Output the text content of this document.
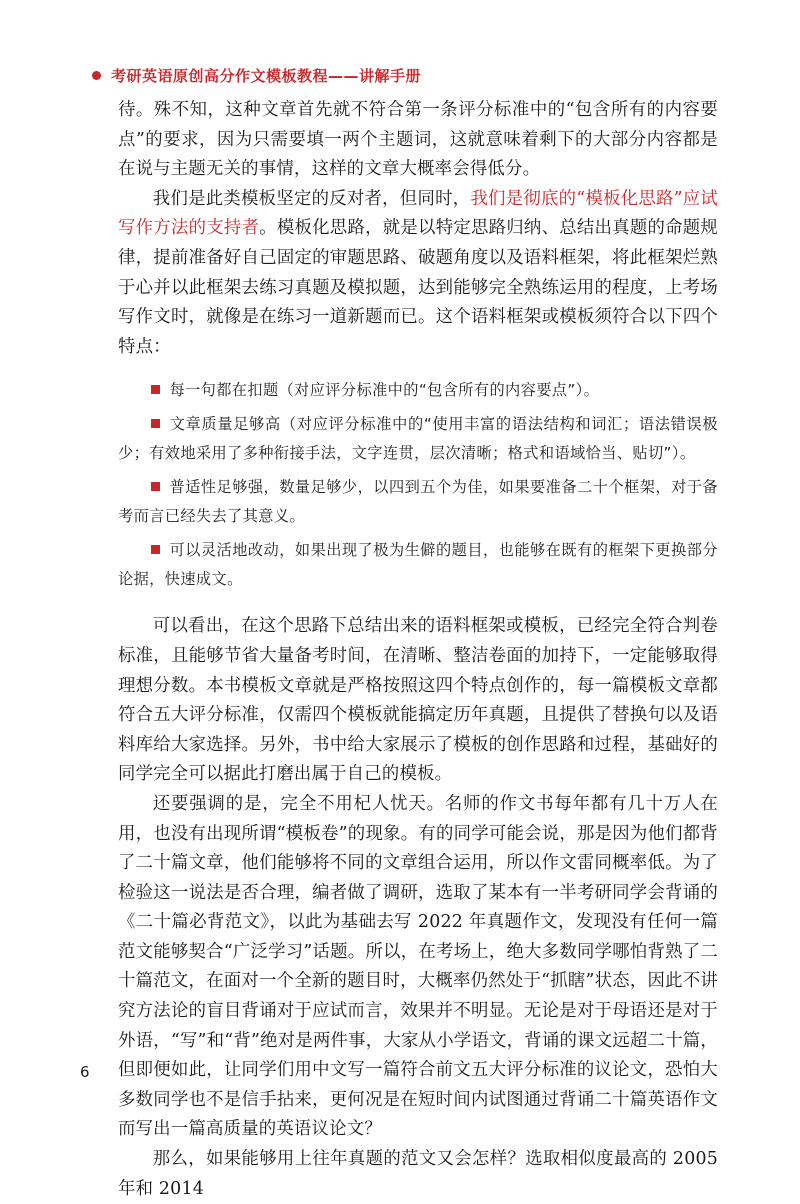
考研英语原创高分作文模板教程——讲解手册

待。殊不知，这种文章首先就不符合第一条评分标准中的“包含所有的内容要点”的要求，因为只需要填一两个主题词，这就意味着剩下的大部分内容都是在说与主题无关的事情，这样的文章大概率会得低分。

我们是此类模板坚定的反对者，但同时，我们是彻底的“模板化思路”应试写作方法的支持者。模板化思路，就是以特定思路归纳、总结出真题的命题规律，提前准备好自己固定的审题思路、破题角度以及语料框架，将此框架烂熟于心并以此框架去练习真题及模拟题，达到能够完全熟练运用的程度，上考场写作文时，就像是在练习一道新题而已。这个语料框架或模板须符合以下四个特点：

每一句都在扣题（对应评分标准中的“包含所有的内容要点”）。

文章质量足够高（对应评分标准中的“使用丰富的语法结构和词汇；语法错误极少；有效地采用了多种衔接手法，文字连贯，层次清晰；格式和语域恰当、贴切”）。

普适性足够强，数量足够少，以四到五个为佳，如果要准备二十个框架，对于备考而言已经失去了其意义。

可以灵活地改动，如果出现了极为生僻的题目，也能够在既有的框架下更换部分论据，快速成文。

可以看出，在这个思路下总结出来的语料框架或模板，已经完全符合判卷标准，且能够节省大量备考时间，在清晰、整洁卷面的加持下，一定能够取得理想分数。本书模板文章就是严格按照这四个特点创作的，每一篇模板文章都符合五大评分标准，仅需四个模板就能搞定历年真题，且提供了替换句以及语料库给大家选择。另外，书中给大家展示了模板的创作思路和过程，基础好的同学完全可以据此打磨出属于自己的模板。

还要强调的是，完全不用杞人忧天。名师的作文书每年都有几十万人在用，也没有出现所谓“模板卷”的现象。有的同学可能会说，那是因为他们都背了二十篇文章，他们能够将不同的文章组合运用，所以作文雷同概率低。为了检验这一说法是否合理，编者做了调研，选取了某本有一半考研同学会背诵的《二十篇必背范文》，以此为基础去写 2022 年真题作文，发现没有任何一篇范文能够契合“广泛学习”话题。所以，在考场上，绝大多数同学哪怕背熟了二十篇范文，在面对一个全新的题目时，大概率仍然处于“抓瞎”状态，因此不讲究方法论的盲目背诵对于应试而言，效果并不明显。无论是对于母语还是对于外语，“写”和“背”绝对是两件事，大家从小学语文，背诵的课文远超二十篇，但即便如此，让同学们用中文写一篇符合前文五大评分标准的议论文，恐怕大多数同学也不是信手拈来，更何况是在短时间内试图通过背诵二十篇英语作文而写出一篇高质量的英语议论文？

那么，如果能够用上往年真题的范文又会怎样？选取相似度最高的 2005 年和 2014

6
